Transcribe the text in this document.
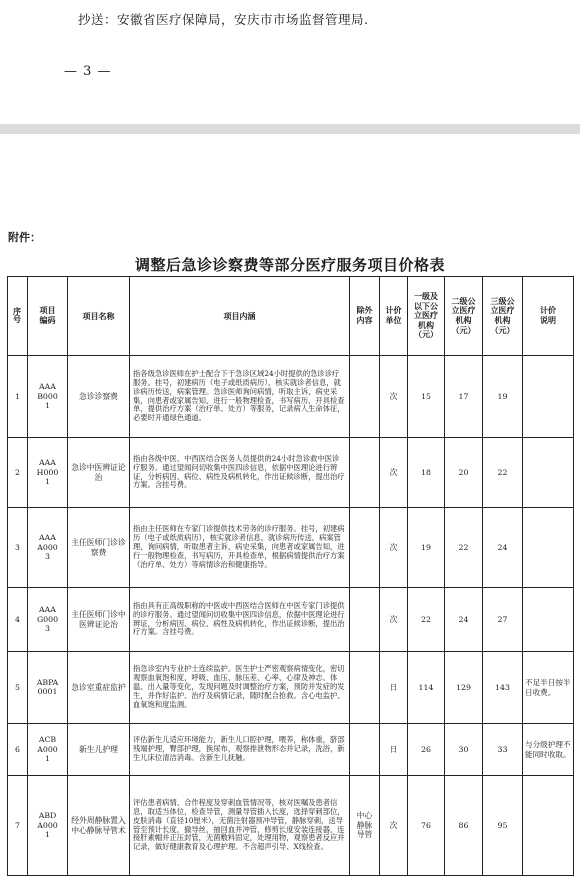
抄送：安徽省医疗保障局，安庆市市场监督管理局.
— 3 —
附件：
调整后急诊诊察费等部分医疗服务项目价格表
序号	项目编码	项目名称	项目内涵	除外内容	计价单位	一级及以下公立医疗机构（元）	二级公立医疗机构（元）	三级公立医疗机构（元）	计价说明
1	AAAB0001	急诊诊察费	指各级急诊医师在护士配合下于急诊区域24小时提供的急诊诊疗服务。挂号，初建病历（电子或纸质病历），核实就诊者信息，就诊病历传送，病案管理。急诊医师询问病情，听取主诉，病史采集，向患者或家属告知，进行一般物理检查，书写病历，开具检查单，提供治疗方案（治疗单、处方）等服务，记录病人生命体征，必要时开通绿色通道。		次	15	17	19	
2	AAAH0001	急诊中医辨证论治	指由各级中医、中西医结合医务人员提供的24小时急诊救中医诊疗服务。通过望闻问切收集中医四诊信息，依据中医理论进行辨证，分析病因、病位、病性及病机转化，作出证候诊断，提出治疗方案。含挂号费。		次	18	20	22	
3	AAAA0003	主任医师门诊诊察费	指由主任医师在专家门诊提供技术劳务的诊疗服务。挂号，初建病历（电子或纸质病历），核实就诊者信息，就诊病历传送，病案管理，询问病情，听取患者主诉，病史采集，向患者或家属告知，进行一般物理检查，书写病历，开具检查单，根据病情提供治疗方案（治疗单、处方）等病情诊治和健康指导。		次	19	22	24	
4	AAAG0003	主任医师门诊中医辨证论治	指由具有正高级职称的中医或中西医结合医师在中医专家门诊提供的诊疗服务。通过望闻问切收集中医四诊信息，依据中医理论进行辨证，分析病因、病位、病性及病机转化，作出证候诊断，提出治疗方案。含挂号费。		次	22	24	27	
5	ABPA0001	急诊室重症监护	指急诊室内专业护士连续监护。医生护士严密观察病情变化，密切观察血氧饱和度，呼吸、血压、脉压差、心率、心律及神志、体温、出入量等变化，发现问题及时调整治疗方案，预防并发症的发生，并作好监护、治疗及病情记录，随时配合抢救。含心电监护、血氧饱和度监测。		日	114	129	143	不足半日按半日收费。
6	ACBA0001	新生儿护理	评估新生儿适应环境能力，新生儿口腔护理，喂养，称体重，脐部残端护理，臀部护理，换尿布，观察排泄物形态并记录，洗浴，新生儿床位清洁消毒。含新生儿抚触。		日	26	30	33	与分级护理不能同时收取。
7	ABDA0001	经外周静脉置入中心静脉导管术	评估患者病情、合作程度及穿刺血管情况等，核对医嘱及患者信息，取适当体位，检查导管，测量导管插入长度，选择穿刺部位，皮肤消毒（直径10厘米），无菌注射器预冲导管，静脉穿刺，送导管至预计长度，撤导丝，抽回血并冲管，修剪长度安装连接器，连接肝素帽并正压封管，无菌敷料固定，处理用物，观察患者反应并记录，做好健康教育及心理护理。不含超声引导、X线检查。	中心静脉导管	次	76	86	95	
